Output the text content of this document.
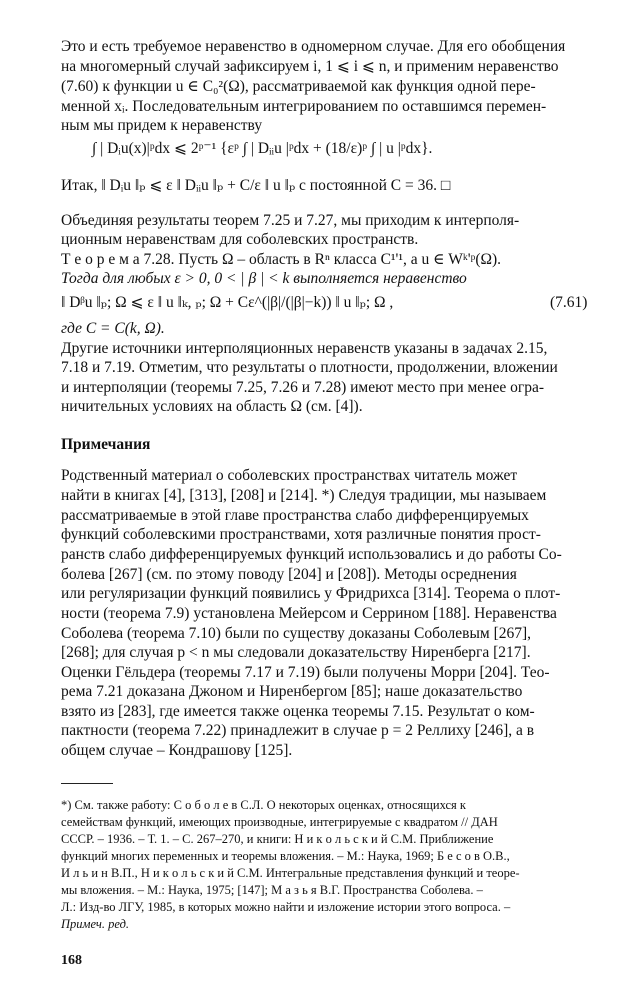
Это и есть требуемое неравенство в одномерном случае. Для его обобщения
на многомерный случай зафиксируем i, 1 ⩽ i ⩽ n, и применим неравенство
(7.60) к функции u ∈ C₀²(Ω), рассматриваемой как функция одной пере-
менной xᵢ. Последовательным интегрированием по оставшимся перемен-
ным мы придем к неравенству
∫ | Dᵢu(x)|ᵖdx ⩽ 2ᵖ⁻¹ {εᵖ ∫ | Dᵢᵢu |ᵖdx + (18/ε)ᵖ ∫ | u |ᵖdx}.
Итак, ‖ Dᵢu ‖ₚ ⩽ ε ‖ Dᵢᵢu ‖ₚ + C/ε ‖ u ‖ₚ с постоянной C = 36. □
Объединяя результаты теорем 7.25 и 7.27, мы приходим к интерполя-
ционным неравенствам для соболевских пространств.
Т е о р е м а 7.28. Пусть Ω – область в Rⁿ класса C¹'¹, а u ∈ Wᵏ'ᵖ(Ω).
Тогда для любых ε > 0, 0 < | β | < k выполняется неравенство
‖ Dᵝu ‖ₚ; Ω ⩽ ε ‖ u ‖ₖ, ₚ; Ω + Cε^(|β|/(|β|−k)) ‖ u ‖ₚ; Ω ,	(7.61)
где C = C(k, Ω).
Другие источники интерполяционных неравенств указаны в задачах 2.15,
7.18 и 7.19. Отметим, что результаты о плотности, продолжении, вложении
и интерполяции (теоремы 7.25, 7.26 и 7.28) имеют место при менее огра-
ничительных условиях на область Ω (см. [4]).
Примечания
Родственный материал о соболевских пространствах читатель может
найти в книгах [4], [313], [208] и [214]. *) Следуя традиции, мы называем
рассматриваемые в этой главе пространства слабо дифференцируемых
функций соболевскими пространствами, хотя различные понятия прост-
ранств слабо дифференцируемых функций использовались и до работы Со-
болева [267] (см. по этому поводу [204] и [208]). Методы осреднения
или регуляризации функций появились у Фридрихса [314]. Теорема о плот-
ности (теорема 7.9) установлена Мейерсом и Серрином [188]. Неравенства
Соболева (теорема 7.10) были по существу доказаны Соболевым [267],
[268]; для случая p < n мы следовали доказательству Ниренберга [217].
Оценки Гёльдера (теоремы 7.17 и 7.19) были получены Морри [204]. Тео-
рема 7.21 доказана Джоном и Ниренбергом [85]; наше доказательство
взято из [283], где имеется также оценка теоремы 7.15. Результат о ком-
пактности (теорема 7.22) принадлежит в случае p = 2 Реллиху [246], а в
общем случае – Кондрашову [125].
*) См. также работу: С о б о л е в С.Л. О некоторых оценках, относящихся к
семействам функций, имеющих производные, интегрируемые с квадратом // ДАН
СССР. – 1936. – Т. 1. – С. 267–270, и книги: Н и к о л ь с к и й С.М. Приближение
функций многих переменных и теоремы вложения. – М.: Наука, 1969; Б е с о в О.В.,
И л ь и н В.П., Н и к о л ь с к и й С.М. Интегральные представления функций и теоре-
мы вложения. – М.: Наука, 1975; [147]; М а з ь я В.Г. Пространства Соболева. –
Л.: Изд-во ЛГУ, 1985, в которых можно найти и изложение истории этого вопроса. –
Примеч. ред.
168
